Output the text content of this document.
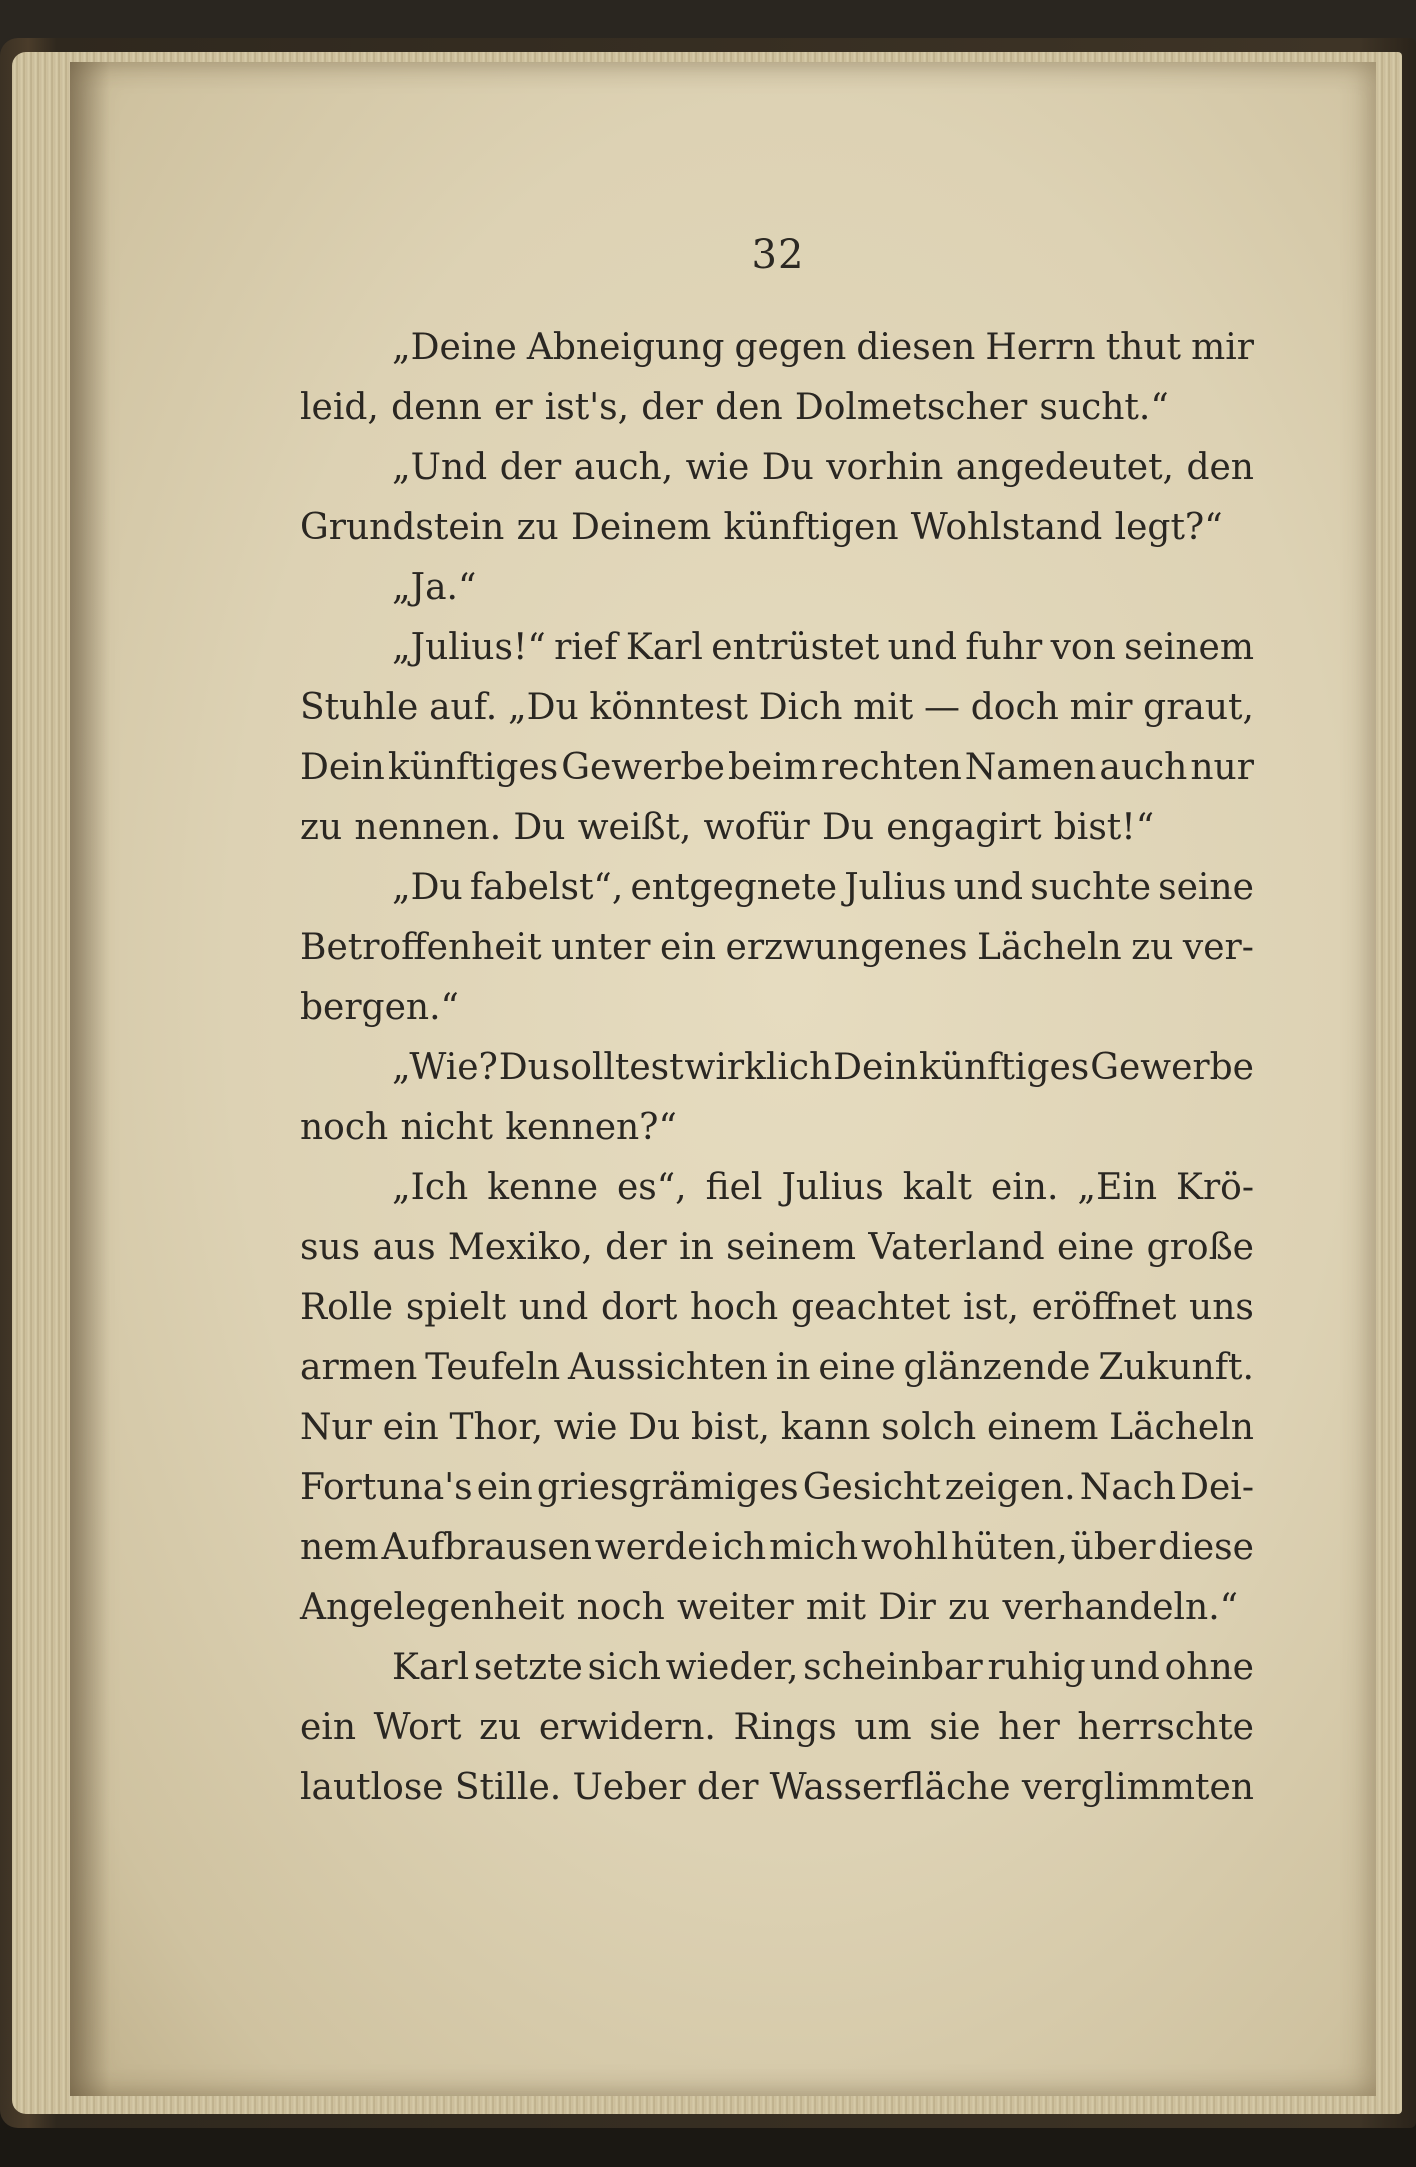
32
„Deine Abneigung gegen diesen Herrn thut mir
leid, denn er ist's, der den Dolmetscher sucht.“
„Und der auch, wie Du vorhin angedeutet, den
Grundstein zu Deinem künftigen Wohlstand legt?“
„Ja.“
„Julius!“ rief Karl entrüstet und fuhr von seinem
Stuhle auf. „Du könntest Dich mit — doch mir graut,
Dein künftiges Gewerbe beim rechten Namen auch nur
zu nennen. Du weißt, wofür Du engagirt bist!“
„Du fabelst“, entgegnete Julius und suchte seine
Betroffenheit unter ein erzwungenes Lächeln zu ver-
bergen.“
„Wie? Du solltest wirklich Dein künftiges Gewerbe
noch nicht kennen?“
„Ich kenne es“, fiel Julius kalt ein. „Ein Krö-
sus aus Mexiko, der in seinem Vaterland eine große
Rolle spielt und dort hoch geachtet ist, eröffnet uns
armen Teufeln Aussichten in eine glänzende Zukunft.
Nur ein Thor, wie Du bist, kann solch einem Lächeln
Fortuna's ein griesgrämiges Gesicht zeigen. Nach Dei-
nem Aufbrausen werde ich mich wohl hüten, über diese
Angelegenheit noch weiter mit Dir zu verhandeln.“
Karl setzte sich wieder, scheinbar ruhig und ohne
ein Wort zu erwidern. Rings um sie her herrschte
lautlose Stille. Ueber der Wasserfläche verglimmten
